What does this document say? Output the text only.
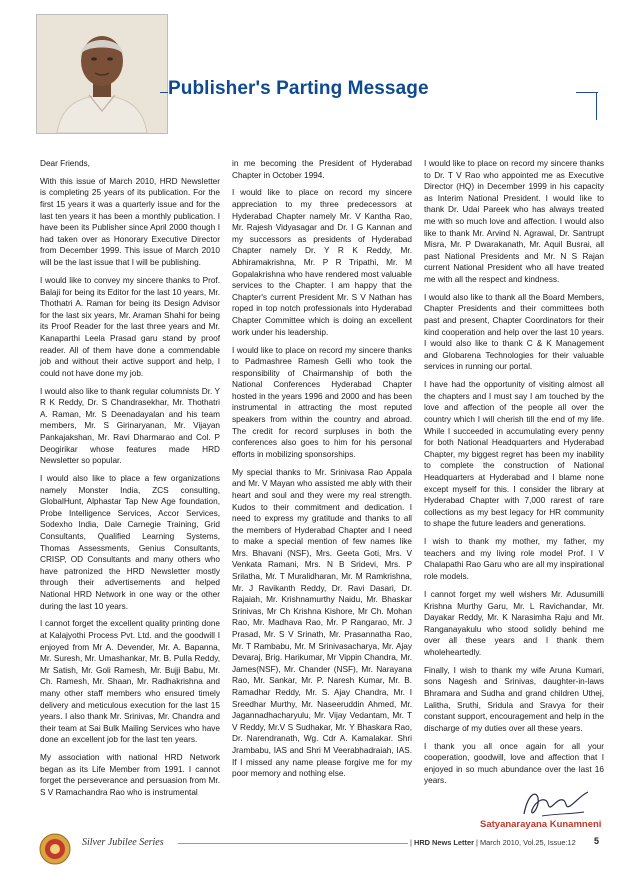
Publisher's Parting Message

Dear Friends,

With this issue of March 2010, HRD Newsletter is completing 25 years of its publication. For the first 15 years it was a quarterly issue and for the last ten years it has been a monthly publication. I have been its Publisher since April 2000 though I had taken over as Honorary Executive Director from December 1999. This issue of March 2010 will be the last issue that I will be publishing.

I would like to convey my sincere thanks to Prof. Balaji for being its Editor for the last 10 years, Mr. Thothatri A. Raman for being its Design Advisor for the last six years, Mr. Araman Shahi for being its Proof Reader for the last three years and Mr. Kanaparthi Leela Prasad garu stand by proof reader. All of them have done a commendable job and without their active support and help, I could not have done my job.

I would also like to thank regular columnists Dr. Y R K Reddy, Dr. S Chandrasekhar, Mr. Thothatri A. Raman, Mr. S Deenadayalan and his team members, Mr. S Girinaryanan, Mr. Vijayan Pankajakshan, Mr. Ravi Dharmarao and Col. P Deogirikar whose features made HRD Newsletter so popular.

I would also like to place a few organizations namely Monster India, ZCS consulting, GlobalHunt, Alphastar Tap New Age foundation, Probe Intelligence Services, Accor Services, Sodexho India, Dale Carnegie Training, Grid Consultants, Qualified Learning Systems, Thomas Assessments, Genius Consultants, CRISP, OD Consultants and many others who have patronized the HRD Newsletter mostly through their advertisements and helped National HRD Network in one way or the other during the last 10 years.

I cannot forget the excellent quality printing done at Kalajyothi Process Pvt. Ltd. and the goodwill I enjoyed from Mr A. Devender, Mr. A. Bapanna, Mr. Suresh, Mr. Umashankar, Mr. B. Pulla Reddy, Mr Satish, Mr. Goli Ramesh, Mr. Bujji Babu, Mr. Ch. Ramesh, Mr. Shaan, Mr. Radhakrishna and many other staff members who ensured timely delivery and meticulous execution for the last 15 years. I also thank Mr. Srinivas, Mr. Chandra and their team at Sai Bulk Mailing Services who have done an excellent job for the last ten years.

My association with national HRD Network began as its Life Member from 1991. I cannot forget the perseverance and persuasion from Mr. S V Ramachandra Rao who is instrumental

in me becoming the President of Hyderabad Chapter in October 1994.

I would like to place on record my sincere appreciation to my three predecessors at Hyderabad Chapter namely Mr. V Kantha Rao, Mr. Rajesh Vidyasagar and Dr. I G Kannan and my successors as presidents of Hyderabad Chapter namely Dr. Y R K Reddy, Mr. Abhiramakrishna, Mr. P R Tripathi, Mr. M Gopalakrishna who have rendered most valuable services to the Chapter. I am happy that the Chapter's current President Mr. S V Nathan has roped in top notch professionals into Hyderabad Chapter Committee which is doing an excellent work under his leadership.

I would like to place on record my sincere thanks to Padmashree Ramesh Gelli who took the responsibility of Chairmanship of both the National Conferences Hyderabad Chapter hosted in the years 1996 and 2000 and has been instrumental in attracting the most reputed speakers from within the country and abroad. The credit for record surpluses in both the conferences also goes to him for his personal efforts in mobilizing sponsorships.

My special thanks to Mr. Srinivasa Rao Appala and Mr. V Mayan who assisted me ably with their heart and soul and they were my real strength. Kudos to their commitment and dedication. I need to express my gratitude and thanks to all the members of Hyderabad Chapter and I need to make a special mention of few names like Mrs. Bhavani (NSF), Mrs. Geeta Goti, Mrs. V Venkata Ramani, Mrs. N B Sridevi, Mrs. P Srilatha, Mr. T Muralidharan, Mr. M Ramkrishna, Mr. J Ravikanth Reddy, Dr. Ravi Dasari, Dr. Rajaiah, Mr. Krishnamurthy Naidu, Mr. Bhaskar Srinivas, Mr Ch Krishna Kishore, Mr Ch. Mohan Rao, Mr. Madhava Rao, Mr. P Rangarao, Mr. J Prasad, Mr. S V Srinath, Mr. Prasannatha Rao, Mr. T Rambabu, Mr. M Srinivasacharya, Mr. Ajay Devaraj, Brig. Harikumar, Mr Vippin Chandra, Mr. James(NSF), Mr. Chander (NSF), Mr. Narayana Rao, Mr. Sankar, Mr. P. Naresh Kumar, Mr. B. Ramadhar Reddy, Mr. S. Ajay Chandra, Mr. I Sreedhar Murthy, Mr. Naseeruddin Ahmed, Mr. Jagannadhacharyulu, Mr. Vijay Vedantam, Mr. T V Reddy, Mr.V S Sudhakar, Mr. Y Bhaskara Rao, Dr. Narendranath, Wg. Cdr A. Kamalakar. Shri Jrambabu, IAS and Shri M Veerabhadraiah, IAS. If I missed any name please forgive me for my poor memory and nothing else.

I would like to place on record my sincere thanks to Dr. T V Rao who appointed me as Executive Director (HQ) in December 1999 in his capacity as Interim National President. I would like to thank Dr. Udai Pareek who has always treated me with so much love and affection. I would also like to thank Mr. Arvind N. Agrawal, Dr. Santrupt Misra, Mr. P Dwarakanath, Mr. Aquil Busrai, all past National Presidents and Mr. N S Rajan current National President who all have treated me with all the respect and kindness.

I would also like to thank all the Board Members, Chapter Presidents and their committees both past and present, Chapter Coordinators for their kind cooperation and help over the last 10 years. I would also like to thank C & K Management and Globarena Technologies for their valuable services in running our portal.

I have had the opportunity of visiting almost all the chapters and I must say I am touched by the love and affection of the people all over the country which I will cherish till the end of my life. While I succeeded in accumulating every penny for both National Headquarters and Hyderabad Chapter, my biggest regret has been my inability to complete the construction of National Headquarters at Hyderabad and I blame none except myself for this. I consider the library at Hyderabad Chapter with 7,000 rarest of rare collections as my best legacy for HR community to shape the future leaders and generations.

I wish to thank my mother, my father, my teachers and my living role model Prof. I V Chalapathi Rao Garu who are all my inspirational role models.

I cannot forget my well wishers Mr. Adusumilli Krishna Murthy Garu, Mr. L Ravichandar, Mr. Dayakar Reddy, Mr. K Narasimha Raju and Mr. Ranganayakulu who stood solidly behind me over all these years and I thank them wholeheartedly.

Finally, I wish to thank my wife Aruna Kumari, sons Nagesh and Srinivas, daughter-in-laws Bhramara and Sudha and grand children Uthej, Lalitha, Sruthi, Sridula and Sravya for their constant support, encouragement and help in the discharge of my duties over all these years.

I thank you all once again for all your cooperation, goodwill, love and affection that I enjoyed in so much abundance over the last 16 years.

Satyanarayana Kunamneni
Silver Jubilee Series	| HRD News Letter | March 2010, Vol.25, Issue:12 5
